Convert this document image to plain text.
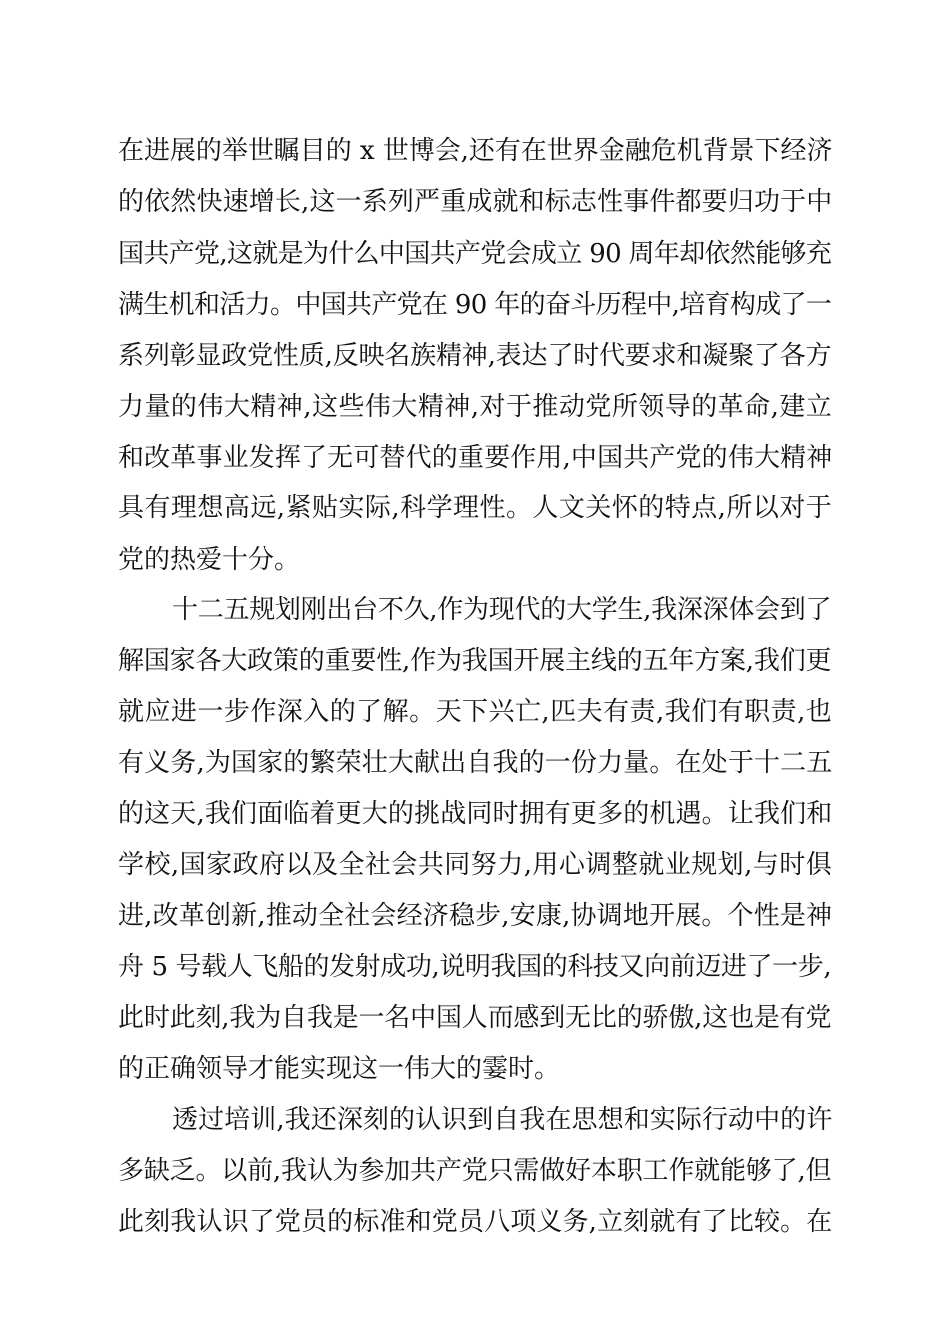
在进展的举世瞩目的 x 世博会,还有在世界金融危机背景下经济
的依然快速增长,这一系列严重成就和标志性事件都要归功于中
国共产党,这就是为什么中国共产党会成立 90 周年却依然能够充
满生机和活力。中国共产党在 90 年的奋斗历程中,培育构成了一
系列彰显政党性质,反映名族精神,表达了时代要求和凝聚了各方
力量的伟大精神,这些伟大精神,对于推动党所领导的革命,建立
和改革事业发挥了无可替代的重要作用,中国共产党的伟大精神
具有理想高远,紧贴实际,科学理性。人文关怀的特点,所以对于
党的热爱十分。
十二五规划刚出台不久,作为现代的大学生,我深深体会到了
解国家各大政策的重要性,作为我国开展主线的五年方案,我们更
就应进一步作深入的了解。天下兴亡,匹夫有责,我们有职责,也
有义务,为国家的繁荣壮大献出自我的一份力量。在处于十二五
的这天,我们面临着更大的挑战同时拥有更多的机遇。让我们和
学校,国家政府以及全社会共同努力,用心调整就业规划,与时俱
进,改革创新,推动全社会经济稳步,安康,协调地开展。个性是神
舟 5 号载人飞船的发射成功,说明我国的科技又向前迈进了一步,
此时此刻,我为自我是一名中国人而感到无比的骄傲,这也是有党
的正确领导才能实现这一伟大的霎时。
透过培训,我还深刻的认识到自我在思想和实际行动中的许
多缺乏。以前,我认为参加共产党只需做好本职工作就能够了,但
此刻我认识了党员的标准和党员八项义务,立刻就有了比较。在
